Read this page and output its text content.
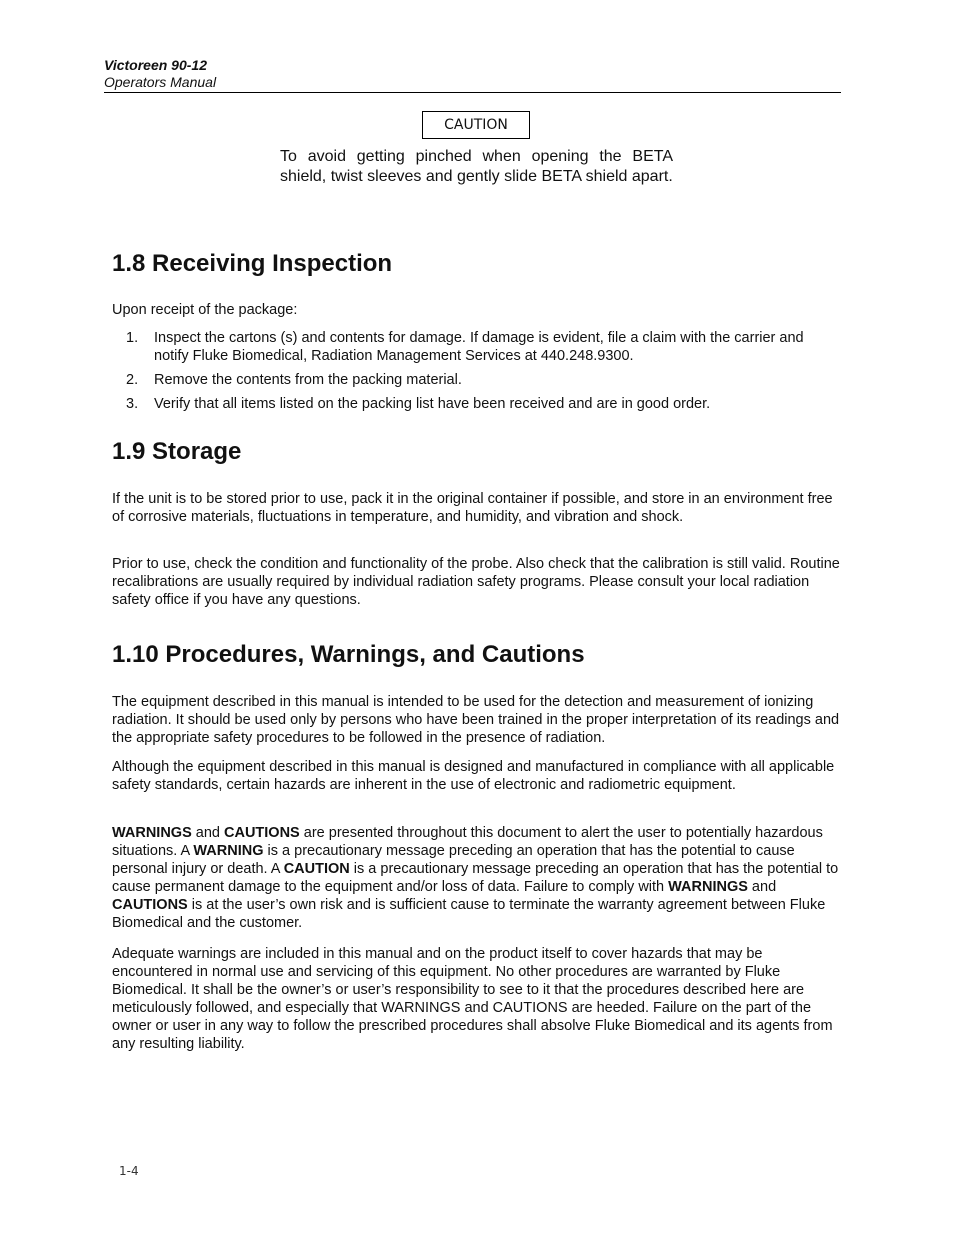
Victoreen 90-12
Operators Manual
CAUTION

To avoid getting pinched when opening the BETA shield, twist sleeves and gently slide BETA shield apart.

1.8 Receiving Inspection

Upon receipt of the package:

1. Inspect the cartons (s) and contents for damage. If damage is evident, file a claim with the carrier and notify Fluke Biomedical, Radiation Management Services at 440.248.9300.
2. Remove the contents from the packing material.
3. Verify that all items listed on the packing list have been received and are in good order.
1.9 Storage

If the unit is to be stored prior to use, pack it in the original container if possible, and store in an environment free of corrosive materials, fluctuations in temperature, and humidity, and vibration and shock.

Prior to use, check the condition and functionality of the probe. Also check that the calibration is still valid. Routine recalibrations are usually required by individual radiation safety programs. Please consult your local radiation safety office if you have any questions.

1.10 Procedures, Warnings, and Cautions

The equipment described in this manual is intended to be used for the detection and measurement of ionizing radiation. It should be used only by persons who have been trained in the proper interpretation of its readings and the appropriate safety procedures to be followed in the presence of radiation.

Although the equipment described in this manual is designed and manufactured in compliance with all applicable safety standards, certain hazards are inherent in the use of electronic and radiometric equipment.

WARNINGS and CAUTIONS are presented throughout this document to alert the user to potentially hazardous situations. A WARNING is a precautionary message preceding an operation that has the potential to cause personal injury or death. A CAUTION is a precautionary message preceding an operation that has the potential to cause permanent damage to the equipment and/or loss of data. Failure to comply with WARNINGS and CAUTIONS is at the user’s own risk and is sufficient cause to terminate the warranty agreement between Fluke Biomedical and the customer.

Adequate warnings are included in this manual and on the product itself to cover hazards that may be encountered in normal use and servicing of this equipment. No other procedures are warranted by Fluke Biomedical. It shall be the owner’s or user’s responsibility to see to it that the procedures described here are meticulously followed, and especially that WARNINGS and CAUTIONS are heeded. Failure on the part of the owner or user in any way to follow the prescribed procedures shall absolve Fluke Biomedical and its agents from any resulting liability.

1-4
